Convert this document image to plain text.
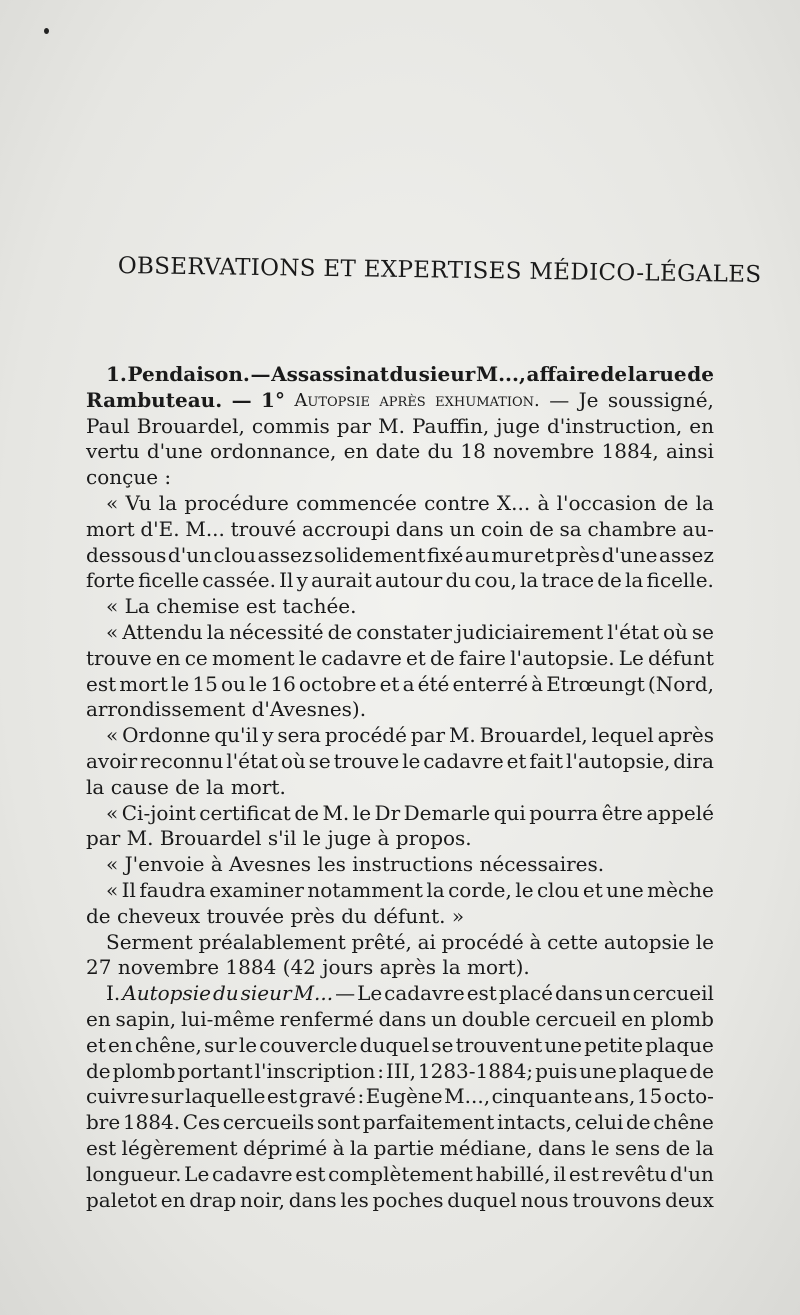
OBSERVATIONS ET EXPERTISES MÉDICO-LÉGALES
1. Pendaison. — Assassinat du sieur M..., affaire de la rue de
Rambuteau. — 1° Autopsie après exhumation. — Je soussigné,
Paul Brouardel, commis par M. Pauffin, juge d'instruction, en
vertu d'une ordonnance, en date du 18 novembre 1884, ainsi
conçue :
« Vu la procédure commencée contre X... à l'occasion de la
mort d'E. M... trouvé accroupi dans un coin de sa chambre au-
dessous d'un clou assez solidement fixé au mur et près d'une assez
forte ficelle cassée. Il y aurait autour du cou, la trace de la ficelle.
« La chemise est tachée.
« Attendu la nécessité de constater judiciairement l'état où se
trouve en ce moment le cadavre et de faire l'autopsie. Le défunt
est mort le 15 ou le 16 octobre et a été enterré à Etrœungt (Nord,
arrondissement d'Avesnes).
« Ordonne qu'il y sera procédé par M. Brouardel, lequel après
avoir reconnu l'état où se trouve le cadavre et fait l'autopsie, dira
la cause de la mort.
« Ci-joint certificat de M. le Dr Demarle qui pourra être appelé
par M. Brouardel s'il le juge à propos.
« J'envoie à Avesnes les instructions nécessaires.
« Il faudra examiner notamment la corde, le clou et une mèche
de cheveux trouvée près du défunt. »
Serment préalablement prêté, ai procédé à cette autopsie le
27 novembre 1884 (42 jours après la mort).
I. Autopsie du sieur M... — Le cadavre est placé dans un cercueil
en sapin, lui-même renfermé dans un double cercueil en plomb
et en chêne, sur le couvercle duquel se trouvent une petite plaque
de plomb portant l'inscription : III, 1283-1884; puis une plaque de
cuivre sur laquelle est gravé : Eugène M..., cinquante ans, 15 octo-
bre 1884. Ces cercueils sont parfaitement intacts, celui de chêne
est légèrement déprimé à la partie médiane, dans le sens de la
longueur. Le cadavre est complètement habillé, il est revêtu d'un
paletot en drap noir, dans les poches duquel nous trouvons deux
